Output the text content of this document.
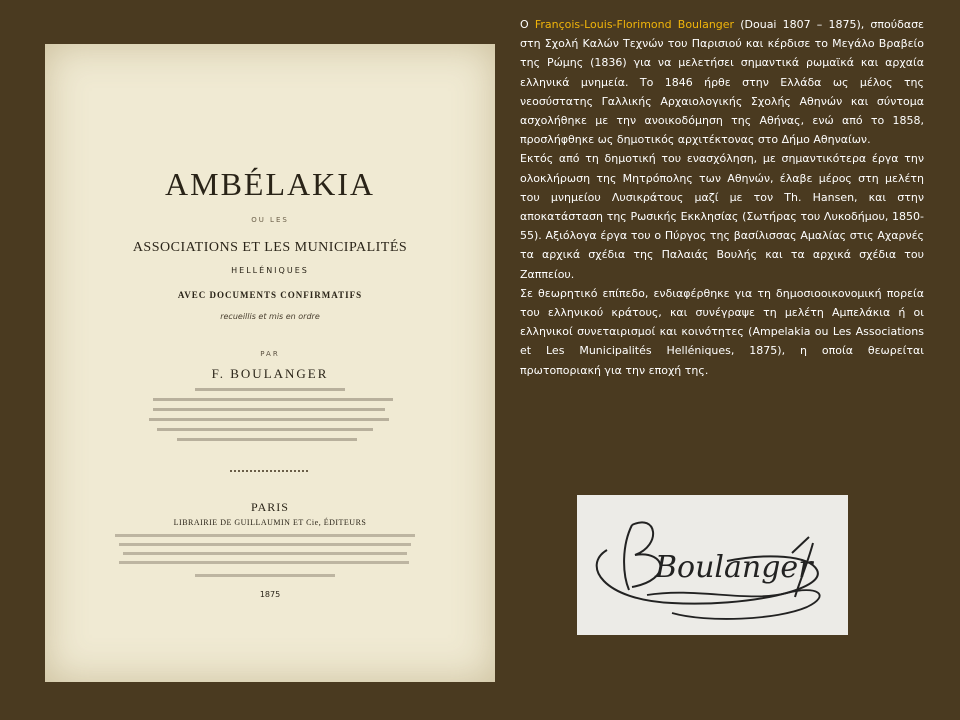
AMBÉLAKIA
OU LES
ASSOCIATIONS ET LES MUNICIPALITÉS
HELLÉNIQUES
AVEC DOCUMENTS CONFIRMATIFS
recueillis et mis en ordre
PAR
F. BOULANGER
PARIS
LIBRAIRIE DE GUILLAUMIN ET Cie, ÉDITEURS
1875

Ο François-Louis-Florimond Boulanger (Douai 1807 – 1875), σπούδασε στη Σχολή Καλών Τεχνών του Παρισιού και κέρδισε το Μεγάλο Βραβείο της Ρώμης (1836) για να μελετήσει σημαντικά ρωμαϊκά και αρχαία ελληνικά μνημεία. Το 1846 ήρθε στην Ελλάδα ως μέλος της νεοσύστατης Γαλλικής Αρχαιολογικής Σχολής Αθηνών και σύντομα ασχολήθηκε με την ανοικοδόμηση της Αθήνας, ενώ από το 1858, προσλήφθηκε ως δημοτικός αρχιτέκτονας στο Δήμο Αθηναίων.

Εκτός από τη δημοτική του ενασχόληση, με σημαντικότερα έργα την ολοκλήρωση της Μητρόπολης των Αθηνών, έλαβε μέρος στη μελέτη του μνημείου Λυσικράτους μαζί με τον Th. Hansen, και στην αποκατάσταση της Ρωσικής Εκκλησίας (Σωτήρας του Λυκοδήμου, 1850-55). Αξιόλογα έργα του ο Πύργος της βασίλισσας Αμαλίας στις Αχαρνές τα αρχικά σχέδια της Παλαιάς Βουλής και τα αρχικά σχέδια του Ζαππείου.

Σε θεωρητικό επίπεδο, ενδιαφέρθηκε για τη δημοσιοοικονομική πορεία του ελληνικού κράτους, και συνέγραψε τη μελέτη Αμπελάκια ή οι ελληνικοί συνεταιρισμοί και κοινότητες (Ampelakia ou Les Associations et Les Municipalités Helléniques, 1875), η οποία θεωρείται πρωτοποριακή για την εποχή της.

Boulanger
